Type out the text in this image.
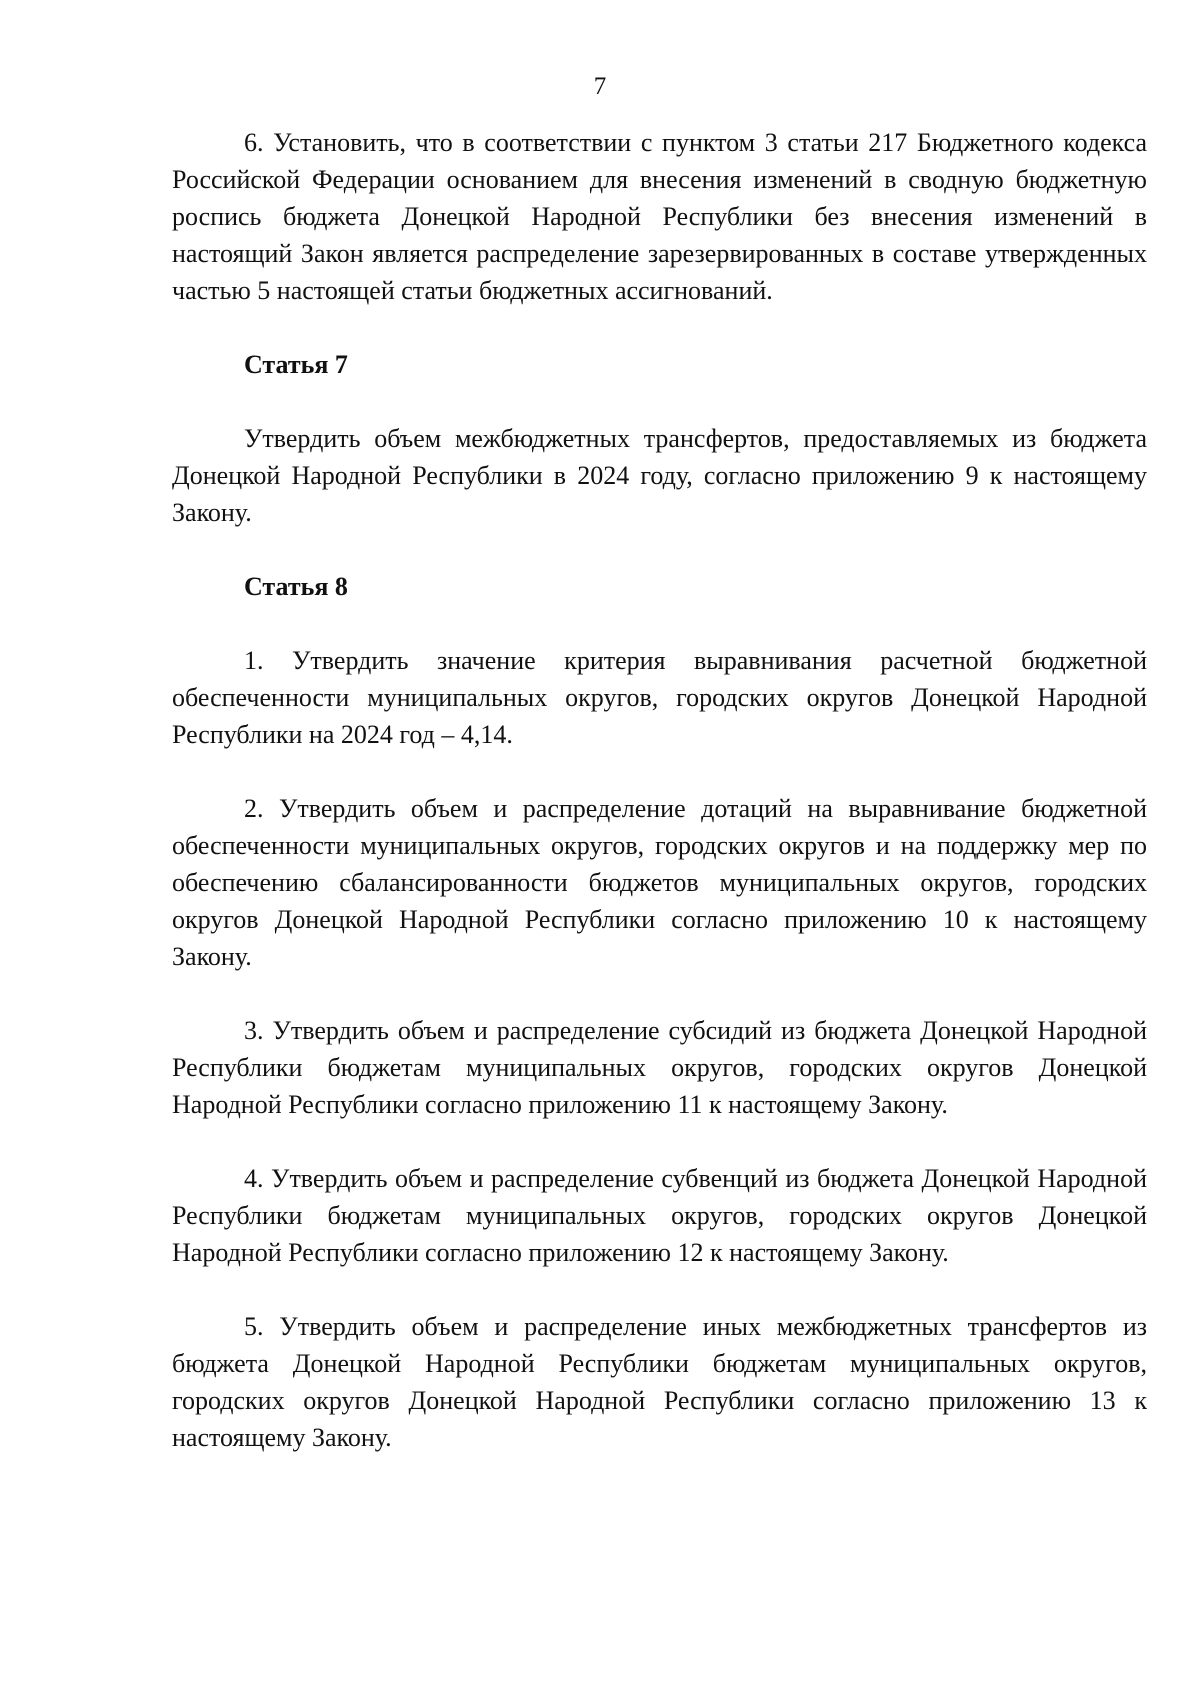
7

6. Установить, что в соответствии с пунктом 3 статьи 217 Бюджетного кодекса Российской Федерации основанием для внесения изменений в сводную бюджетную роспись бюджета Донецкой Народной Республики без внесения изменений в настоящий Закон является распределение зарезервированных в составе утвержденных частью 5 настоящей статьи бюджетных ассигнований.

Статья 7

Утвердить объем межбюджетных трансфертов, предоставляемых из бюджета Донецкой Народной Республики в 2024 году, согласно приложению 9 к настоящему Закону.

Статья 8

1. Утвердить значение критерия выравнивания расчетной бюджетной обеспеченности муниципальных округов, городских округов Донецкой Народной Республики на 2024 год – 4,14.

2. Утвердить объем и распределение дотаций на выравнивание бюджетной обеспеченности муниципальных округов, городских округов и на поддержку мер по обеспечению сбалансированности бюджетов муниципальных округов, городских округов Донецкой Народной Республики согласно приложению 10 к настоящему Закону.

3. Утвердить объем и распределение субсидий из бюджета Донецкой Народной Республики бюджетам муниципальных округов, городских округов Донецкой Народной Республики согласно приложению 11 к настоящему Закону.

4. Утвердить объем и распределение субвенций из бюджета Донецкой Народной Республики бюджетам муниципальных округов, городских округов Донецкой Народной Республики согласно приложению 12 к настоящему Закону.

5. Утвердить объем и распределение иных межбюджетных трансфертов из бюджета Донецкой Народной Республики бюджетам муниципальных округов, городских округов Донецкой Народной Республики согласно приложению 13 к настоящему Закону.
